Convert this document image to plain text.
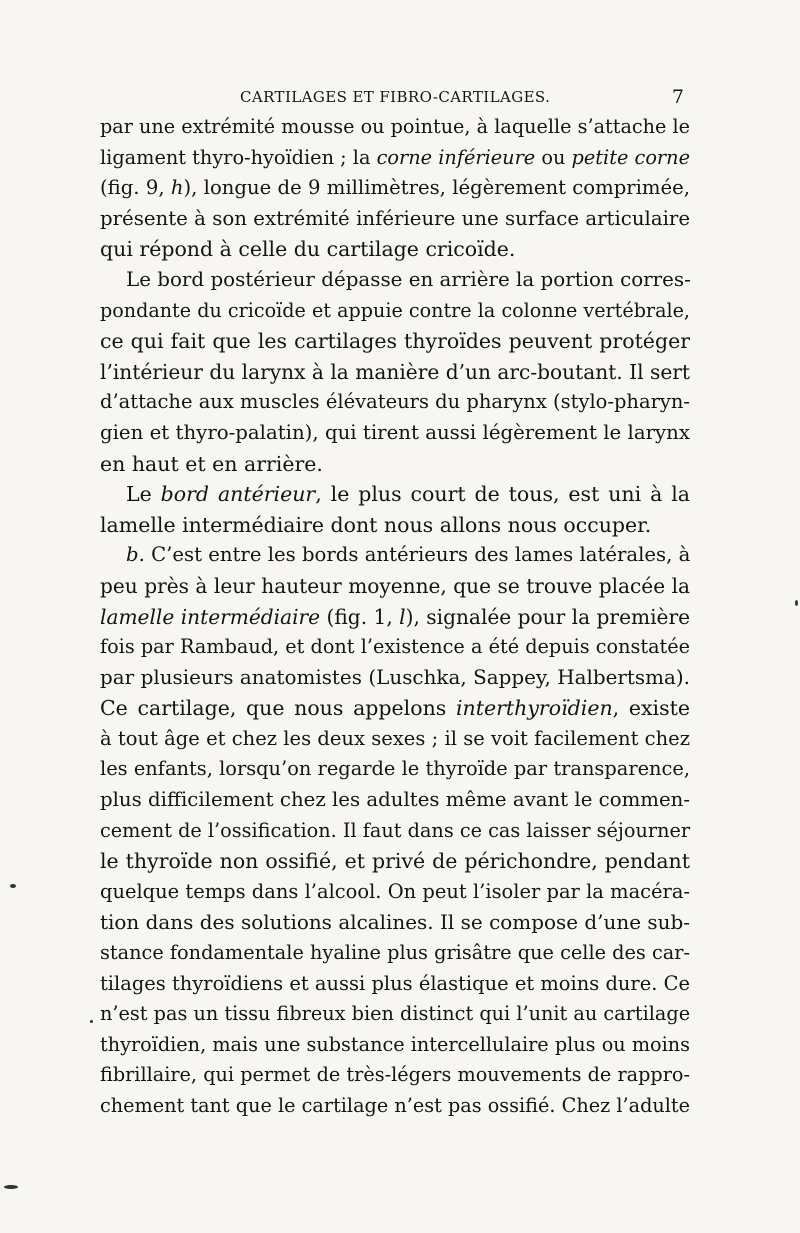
CARTILAGES ET FIBRO-CARTILAGES.	7
par une extrémité mousse ou pointue, à laquelle s’attache le
ligament thyro-hyoïdien ; la corne inférieure ou petite corne
(fig. 9, h), longue de 9 millimètres, légèrement comprimée,
présente à son extrémité inférieure une surface articulaire
qui répond à celle du cartilage cricoïde.
Le bord postérieur dépasse en arrière la portion corres-
pondante du cricoïde et appuie contre la colonne vertébrale,
ce qui fait que les cartilages thyroïdes peuvent protéger
l’intérieur du larynx à la manière d’un arc-boutant. Il sert
d’attache aux muscles élévateurs du pharynx (stylo-pharyn-
gien et thyro-palatin), qui tirent aussi légèrement le larynx
en haut et en arrière.
Le bord antérieur, le plus court de tous, est uni à la
lamelle intermédiaire dont nous allons nous occuper.
b. C’est entre les bords antérieurs des lames latérales, à
peu près à leur hauteur moyenne, que se trouve placée la
lamelle intermédiaire (fig. 1, l), signalée pour la première
fois par Rambaud, et dont l’existence a été depuis constatée
par plusieurs anatomistes (Luschka, Sappey, Halbertsma).
Ce cartilage, que nous appelons interthyroïdien, existe
à tout âge et chez les deux sexes ; il se voit facilement chez
les enfants, lorsqu’on regarde le thyroïde par transparence,
plus difficilement chez les adultes même avant le commen-
cement de l’ossification. Il faut dans ce cas laisser séjourner
le thyroïde non ossifié, et privé de périchondre, pendant
quelque temps dans l’alcool. On peut l’isoler par la macéra-
tion dans des solutions alcalines. Il se compose d’une sub-
stance fondamentale hyaline plus grisâtre que celle des car-
tilages thyroïdiens et aussi plus élastique et moins dure. Ce
n’est pas un tissu fibreux bien distinct qui l’unit au cartilage
thyroïdien, mais une substance intercellulaire plus ou moins
fibrillaire, qui permet de très-légers mouvements de rappro-
chement tant que le cartilage n’est pas ossifié. Chez l’adulte
